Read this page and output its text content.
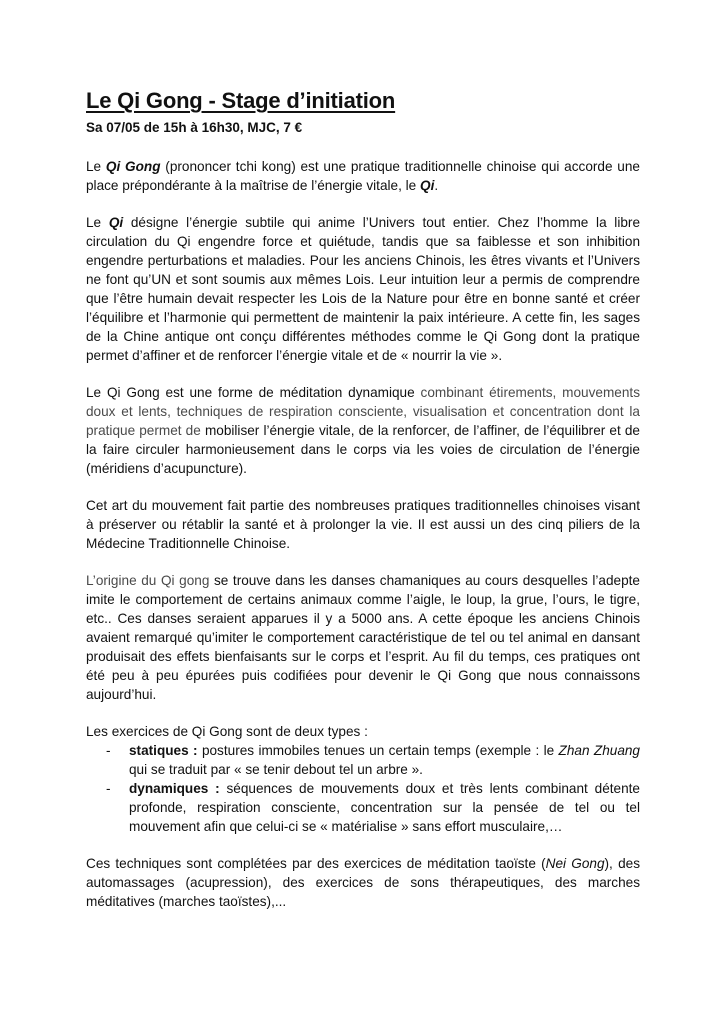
Le Qi Gong - Stage d’initiation
Sa 07/05 de 15h à 16h30, MJC, 7 €

Le Qi Gong (prononcer tchi kong) est une pratique traditionnelle chinoise qui accorde une place prépondérante à la maîtrise de l’énergie vitale, le Qi.

Le Qi désigne l’énergie subtile qui anime l’Univers tout entier. Chez l’homme la libre circulation du Qi engendre force et quiétude, tandis que sa faiblesse et son inhibition engendre perturbations et maladies. Pour les anciens Chinois, les êtres vivants et l’Univers ne font qu’UN et sont soumis aux mêmes Lois. Leur intuition leur a permis de comprendre que l’être humain devait respecter les Lois de la Nature pour être en bonne santé et créer l’équilibre et l’harmonie qui permettent de maintenir la paix intérieure. A cette fin, les sages de la Chine antique ont conçu différentes méthodes comme le Qi Gong dont la pratique permet d’affiner et de renforcer l’énergie vitale et de « nourrir la vie ».

Le Qi Gong est une forme de méditation dynamique combinant étirements, mouvements doux et lents, techniques de respiration consciente, visualisation et concentration dont la pratique permet de mobiliser l’énergie vitale, de la renforcer, de l’affiner, de l’équilibrer et de la faire circuler harmonieusement dans le corps via les voies de circulation de l’énergie (méridiens d’acupuncture).

Cet art du mouvement fait partie des nombreuses pratiques traditionnelles chinoises visant à préserver ou rétablir la santé et à prolonger la vie. Il est aussi un des cinq piliers de la Médecine Traditionnelle Chinoise.

L’origine du Qi gong se trouve dans les danses chamaniques au cours desquelles l’adepte imite le comportement de certains animaux comme l’aigle, le loup, la grue, l’ours, le tigre, etc.. Ces danses seraient apparues il y a 5000 ans. A cette époque les anciens Chinois avaient remarqué qu’imiter le comportement caractéristique de tel ou tel animal en dansant produisait des effets bienfaisants sur le corps et l’esprit. Au fil du temps, ces pratiques ont été peu à peu épurées puis codifiées pour devenir le Qi Gong que nous connaissons aujourd’hui.

Les exercices de Qi Gong sont de deux types :

- statiques : postures immobiles tenues un certain temps (exemple : le Zhan Zhuang qui se traduit par « se tenir debout tel un arbre ».
- dynamiques : séquences de mouvements doux et très lents combinant détente profonde, respiration consciente, concentration sur la pensée de tel ou tel mouvement afin que celui-ci se « matérialise » sans effort musculaire,…

Ces techniques sont complétées par des exercices de méditation taoïste (Nei Gong), des automassages (acupression), des exercices de sons thérapeutiques, des marches méditatives (marches taoïstes),...
